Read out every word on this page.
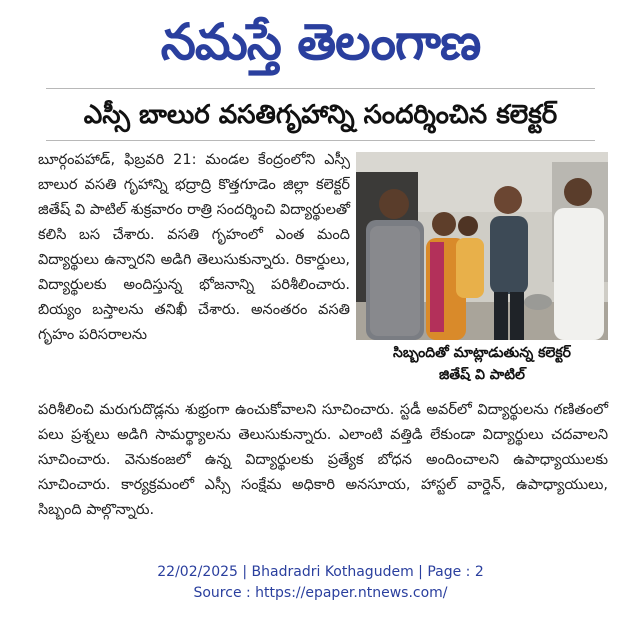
నమస్తే తెలంగాణ
ఎస్సీ బాలుర వసతిగృహాన్ని సందర్శించిన కలెక్టర్
బూర్గంపహాడ్, ఫిబ్రవరి 21: మండల కేంద్రంలోని ఎస్సీ బాలుర వసతి గృహాన్ని భద్రాద్రి కొత్తగూడెం జిల్లా కలెక్టర్ జితేష్ వి పాటిల్ శుక్రవారం రాత్రి సందర్శించి విద్యార్థులతో కలిసి బస చేశారు. వసతి గృహంలో ఎంత మంది విద్యార్థులు ఉన్నారని అడిగి తెలుసుకున్నారు. రికార్డులు, విద్యార్థులకు అందిస్తున్న భోజనాన్ని పరిశీలించారు. బియ్యం బస్తాలను తనిఖీ చేశారు. అనంతరం వసతి గృహం పరిసరాలను
సిబ్బందితో మాట్లాడుతున్న కలెక్టర్
జితేష్ వి పాటిల్
పరిశీలించి మరుగుదొడ్లను శుభ్రంగా ఉంచుకోవాలని సూచించారు. స్టడీ అవర్‌లో విద్యార్థులను గణితంలో పలు ప్రశ్నలు అడిగి సామర్థ్యాలను తెలుసుకున్నారు. ఎలాంటి వత్తిడి లేకుండా విద్యార్థులు చదవాలని సూచించారు. వెనుకంజలో ఉన్న విద్యార్థులకు ప్రత్యేక బోధన అందించాలని ఉపాధ్యాయులకు సూచించారు. కార్యక్రమంలో ఎస్సీ సంక్షేమ అధికారి అనసూయ, హాస్టల్ వార్డెన్, ఉపాధ్యాయులు, సిబ్బంది పాల్గొన్నారు.
22/02/2025 | Bhadradri Kothagudem | Page : 2
Source : https://epaper.ntnews.com/
